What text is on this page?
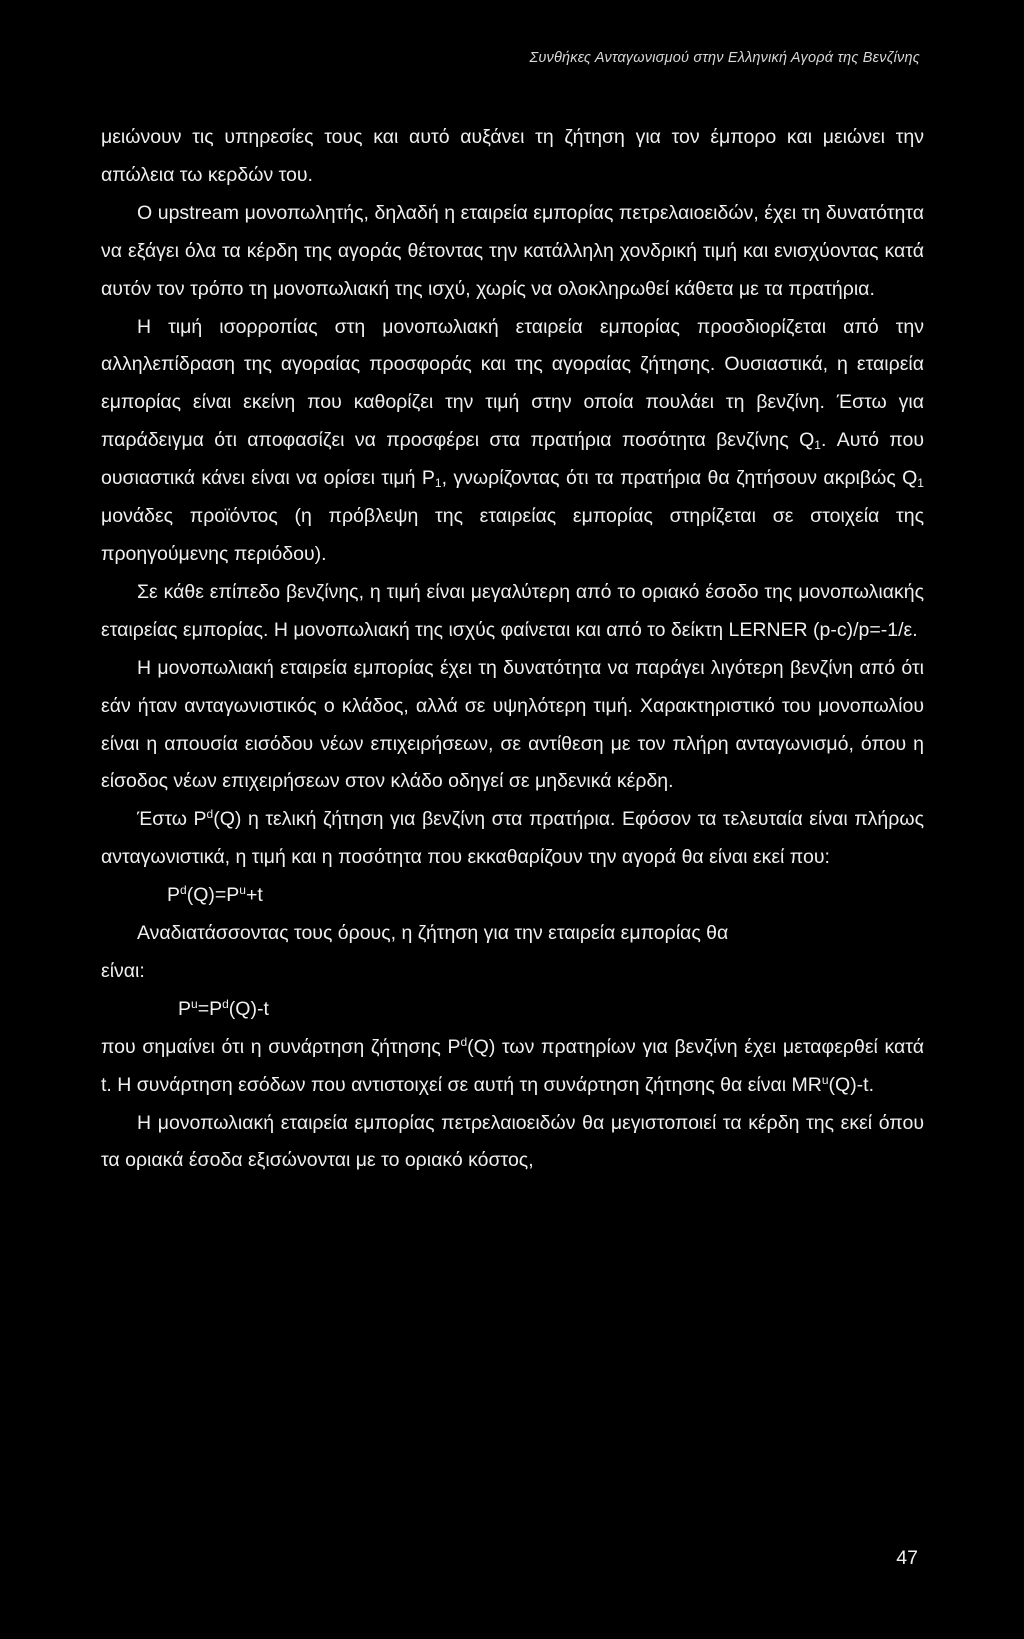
Συνθήκες Ανταγωνισμού στην Ελληνική Αγορά της Βενζίνης

μειώνουν τις υπηρεσίες τους και αυτό αυξάνει τη ζήτηση για τον έμπορο και μειώνει την απώλεια τω κερδών του.

Ο upstream μονοπωλητής, δηλαδή η εταιρεία εμπορίας πετρελαιοειδών, έχει τη δυνατότητα να εξάγει όλα τα κέρδη της αγοράς θέτοντας την κατάλληλη χονδρική τιμή και ενισχύοντας κατά αυτόν τον τρόπο τη μονοπωλιακή της ισχύ, χωρίς να ολοκληρωθεί κάθετα με τα πρατήρια.

Η τιμή ισορροπίας στη μονοπωλιακή εταιρεία εμπορίας προσδιορίζεται από την αλληλεπίδραση της αγοραίας προσφοράς και της αγοραίας ζήτησης. Ουσιαστικά, η εταιρεία εμπορίας είναι εκείνη που καθορίζει την τιμή στην οποία πουλάει τη βενζίνη. Έστω για παράδειγμα ότι αποφασίζει να προσφέρει στα πρατήρια ποσότητα βενζίνης $Q_1$. Αυτό που ουσιαστικά κάνει είναι να ορίσει τιμή $P_1$, γνωρίζοντας ότι τα πρατήρια θα ζητήσουν ακριβώς $Q_1$ μονάδες προϊόντος (η πρόβλεψη της εταιρείας εμπορίας στηρίζεται σε στοιχεία της προηγούμενης περιόδου).

Σε κάθε επίπεδο βενζίνης, η τιμή είναι μεγαλύτερη από το οριακό έσοδο της μονοπωλιακής εταιρείας εμπορίας. Η μονοπωλιακή της ισχύς φαίνεται και από το δείκτη LERNER (p-c)/p=-1/ε.

Η μονοπωλιακή εταιρεία εμπορίας έχει τη δυνατότητα να παράγει λιγότερη βενζίνη από ότι εάν ήταν ανταγωνιστικός ο κλάδος, αλλά σε υψηλότερη τιμή. Χαρακτηριστικό του μονοπωλίου είναι η απουσία εισόδου νέων επιχειρήσεων, σε αντίθεση με τον πλήρη ανταγωνισμό, όπου η είσοδος νέων επιχειρήσεων στον κλάδο οδηγεί σε μηδενικά κέρδη.

Έστω $P^d(Q)$ η τελική ζήτηση για βενζίνη στα πρατήρια. Εφόσον τα τελευταία είναι πλήρως ανταγωνιστικά, η τιμή και η ποσότητα που εκκαθαρίζουν την αγορά θα είναι εκεί που:

$P^d(Q)=P^u+t$

Αναδιατάσσοντας τους όρους, η ζήτηση για την εταιρεία εμπορίας θα

είναι:

$P^u=P^d(Q)-t$

που σημαίνει ότι η συνάρτηση ζήτησης $P^d(Q)$ των πρατηρίων για βενζίνη έχει μεταφερθεί κατά t. Η συνάρτηση εσόδων που αντιστοιχεί σε αυτή τη συνάρτηση ζήτησης θα είναι $MR^u(Q)-t$.

Η μονοπωλιακή εταιρεία εμπορίας πετρελαιοειδών θα μεγιστοποιεί τα κέρδη της εκεί όπου τα οριακά έσοδα εξισώνονται με το οριακό κόστος,

47
